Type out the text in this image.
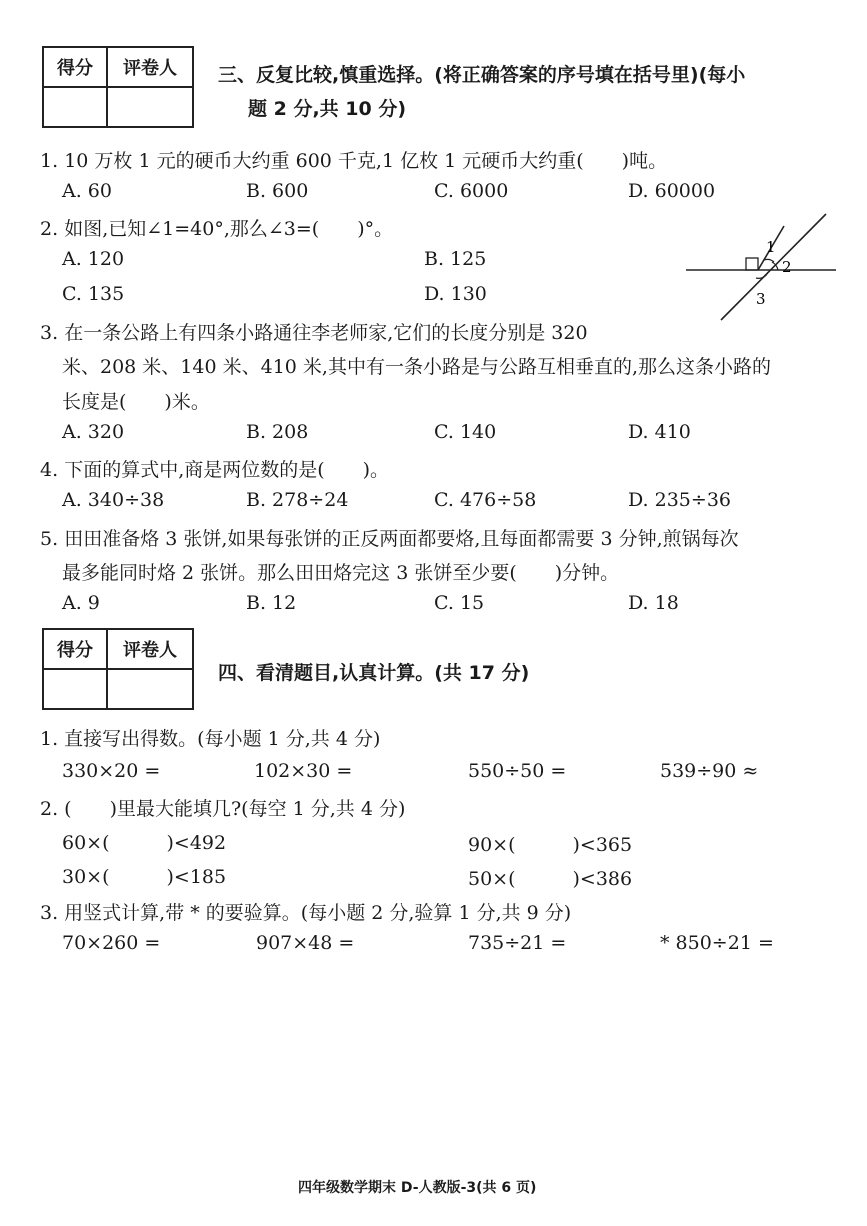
得分	评卷人
	三、反复比较,慎重选择。(将正确答案的序号填在括号里)(每小
题 2 分,共 10 分)
1. 10 万枚 1 元的硬币大约重 600 千克,1 亿枚 1 元硬币大约重(　　)吨。
A. 60	B. 600	C. 6000	D. 60000
2. 如图,已知∠1=40°,那么∠3=(　　)°。
A. 120	B. 125
C. 135	D. 130
1
2
3
3. 在一条公路上有四条小路通往李老师家,它们的长度分别是 320
米、208 米、140 米、410 米,其中有一条小路是与公路互相垂直的,那么这条小路的
长度是(　　)米。
A. 320	B. 208	C. 140	D. 410
4. 下面的算式中,商是两位数的是(　　)。
A. 340÷38	B. 278÷24	C. 476÷58	D. 235÷36
5. 田田准备烙 3 张饼,如果每张饼的正反两面都要烙,且每面都需要 3 分钟,煎锅每次
最多能同时烙 2 张饼。那么田田烙完这 3 张饼至少要(　　)分钟。
A. 9	B. 12	C. 15	D. 18
得分	评卷人

四、看清题目,认真计算。(共 17 分)
1. 直接写出得数。(每小题 1 分,共 4 分)
330×20 =	102×30 =	550÷50 =	539÷90 ≈
2. (　　)里最大能填几?(每空 1 分,共 4 分)
60×(　　　)<492	90×(　　　)<365
30×(　　　)<185	50×(　　　)<386
3. 用竖式计算,带 * 的要验算。(每小题 2 分,验算 1 分,共 9 分)
70×260 =	907×48 =	735÷21 =	* 850÷21 =
四年级数学期末 D-人教版-3(共 6 页)
